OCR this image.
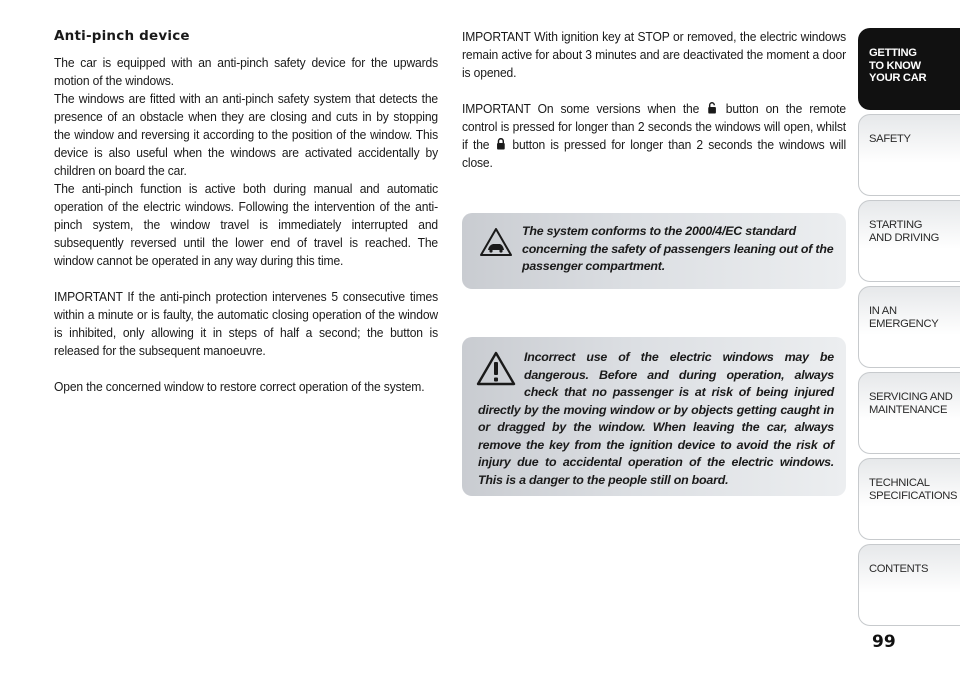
Anti-pinch device

The car is equipped with an anti-pinch safety device for the upwards motion of the windows.

The windows are fitted with an anti-pinch safety system that detects the presence of an obstacle when they are closing and cuts in by stopping the window and reversing it according to the position of the window. This device is also useful when the windows are activated accidentally by children on board the car.

The anti-pinch function is active both during manual and automatic operation of the electric windows. Following the intervention of the anti-pinch system, the window travel is immediately interrupted and subsequently reversed until the lower end of travel is reached. The window cannot be operated in any way during this time.

IMPORTANT If the anti-pinch protection intervenes 5 consecutive times within a minute or is faulty, the automatic closing operation of the window is inhibited, only allowing it in steps of half a second; the button is released for the subsequent manoeuvre.

Open the concerned window to restore correct operation of the system.

IMPORTANT With ignition key at STOP or removed, the electric windows remain active for about 3 minutes and are deactivated the moment a door is opened.

IMPORTANT On some versions when the button on the remote control is pressed for longer than 2 seconds the windows will open, whilst if the button is pressed for longer than 2 seconds the windows will close.

The system conforms to the 2000/4/EC standard concerning the safety of passengers leaning out of the passenger compartment.

Incorrect use of the electric windows may be dangerous. Before and during operation, always check that no passenger is at risk of being injured directly by the moving window or by objects getting caught in or dragged by the window. When leaving the car, always remove the key from the ignition device to avoid the risk of injury due to accidental operation of the electric windows. This is a danger to the people still on board.

GETTING
TO KNOW
YOUR CAR
SAFETY
STARTING
AND DRIVING
IN AN
EMERGENCY
SERVICING AND
MAINTENANCE
TECHNICAL
SPECIFICATIONS
CONTENTS
99
